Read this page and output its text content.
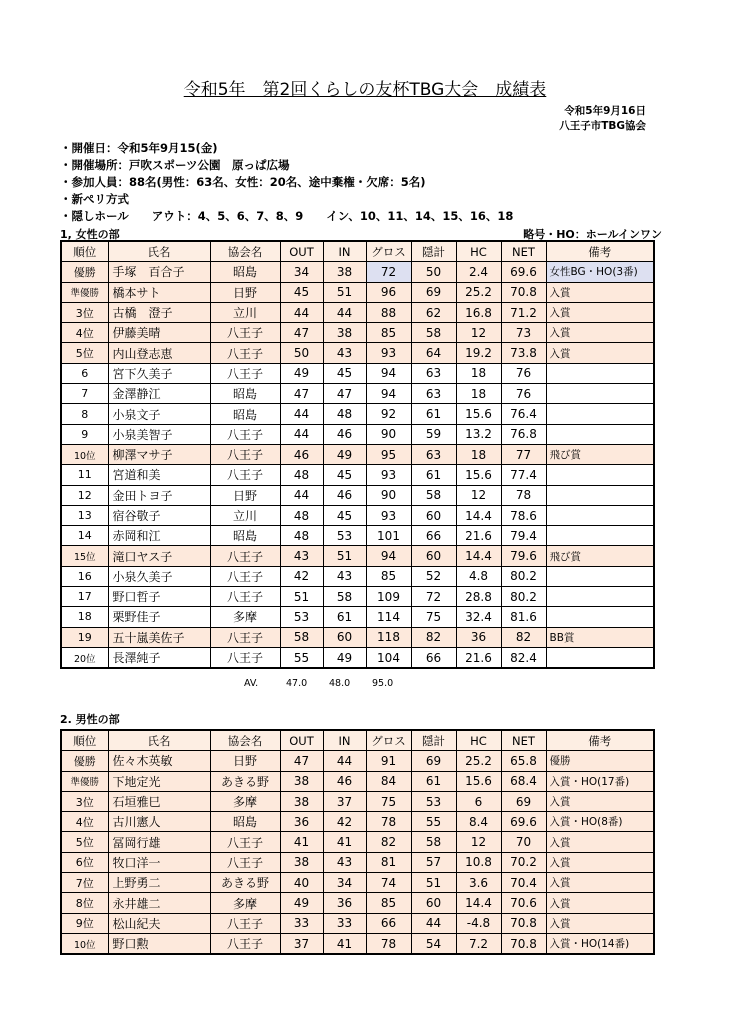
令和5年　第2回くらしの友杯TBG大会　成績表
令和5年9月16日
八王子市TBG協会
・開催日：令和5年9月15(金)
・開催場所：戸吹スポーツ公園　原っぱ広場
・参加人員：88名(男性：63名、女性：20名、途中棄権・欠席：5名)
・新ぺリ方式
・隠しホール　　アウト：4、5、6、7、8、9　　イン、10、11、14、15、16、18
1, 女性の部	略号・HO：ホールインワン
順位	氏名	協会名	OUT	IN	グロス	隠計	HC	NET	備考
優勝	手塚　百合子	昭島	34	38	72	50	2.4	69.6	女性BG・HO(3番)
準優勝	橋本サト	日野	45	51	96	69	25.2	70.8	入賞
3位	古橋　澄子	立川	44	44	88	62	16.8	71.2	入賞
4位	伊藤美晴	八王子	47	38	85	58	12	73	入賞
5位	内山登志恵	八王子	50	43	93	64	19.2	73.8	入賞
6	宮下久美子	八王子	49	45	94	63	18	76	
7	金澤静江	昭島	47	47	94	63	18	76	
8	小泉文子	昭島	44	48	92	61	15.6	76.4	
9	小泉美智子	八王子	44	46	90	59	13.2	76.8	
10位	柳澤マサ子	八王子	46	49	95	63	18	77	飛び賞
11	宮道和美	八王子	48	45	93	61	15.6	77.4	
12	金田トヨ子	日野	44	46	90	58	12	78	
13	宿谷敬子	立川	48	45	93	60	14.4	78.6	
14	赤岡和江	昭島	48	53	101	66	21.6	79.4	
15位	滝口ヤス子	八王子	43	51	94	60	14.4	79.6	飛び賞
16	小泉久美子	八王子	42	43	85	52	4.8	80.2	
17	野口哲子	八王子	51	58	109	72	28.8	80.2	
18	栗野佳子	多摩	53	61	114	75	32.4	81.6	
19	五十嵐美佐子	八王子	58	60	118	82	36	82	BB賞
20位	長澤純子	八王子	55	49	104	66	21.6	82.4	
AV.	47.0 48.0 95.0
2. 男性の部
順位	氏名	協会名	OUT	IN	グロス	隠計	HC	NET	備考
優勝	佐々木英敏	日野	47	44	91	69	25.2	65.8	優勝
準優勝	下地定光	あきる野	38	46	84	61	15.6	68.4	入賞・HO(17番)
3位	石垣雅巳	多摩	38	37	75	53	6	69	入賞
4位	古川憲人	昭島	36	42	78	55	8.4	69.6	入賞・HO(8番)
5位	冨岡行雄	八王子	41	41	82	58	12	70	入賞
6位	牧口洋一	八王子	38	43	81	57	10.8	70.2	入賞
7位	上野勇二	あきる野	40	34	74	51	3.6	70.4	入賞
8位	永井雄二	多摩	49	36	85	60	14.4	70.6	入賞
9位	松山紀夫	八王子	33	33	66	44	-4.8	70.8	入賞
10位	野口勲	八王子	37	41	78	54	7.2	70.8	入賞・HO(14番)
